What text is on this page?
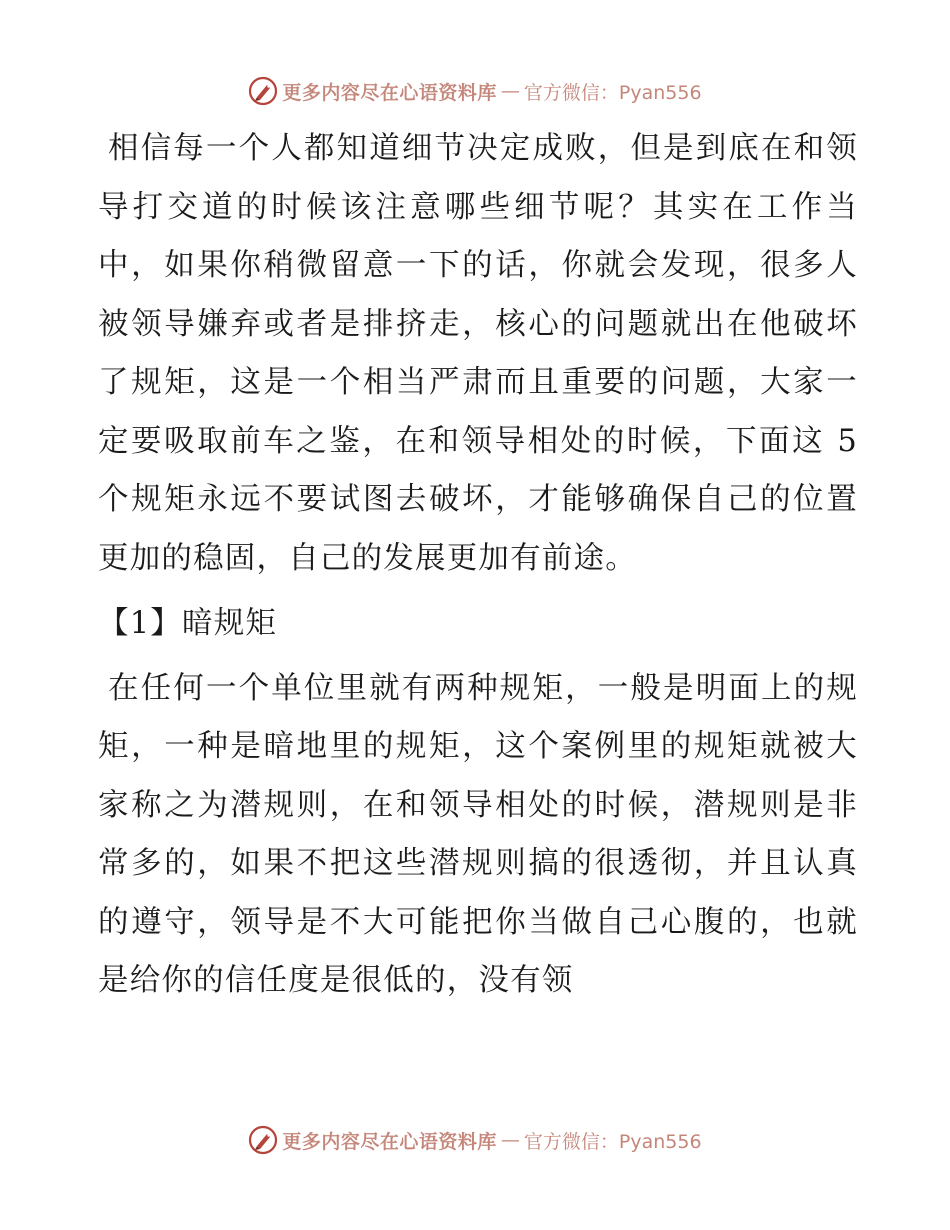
更多内容尽在心语资料库 — 官方微信：Pyan556

相信每一个人都知道细节决定成败，但是到底在和领导打交道的时候该注意哪些细节呢？其实在工作当中，如果你稍微留意一下的话，你就会发现，很多人被领导嫌弃或者是排挤走，核心的问题就出在他破坏了规矩，这是一个相当严肃而且重要的问题，大家一定要吸取前车之鉴，在和领导相处的时候，下面这 5 个规矩永远不要试图去破坏，才能够确保自己的位置更加的稳固，自己的发展更加有前途。

【1】暗规矩

在任何一个单位里就有两种规矩，一般是明面上的规矩，一种是暗地里的规矩，这个案例里的规矩就被大家称之为潜规则，在和领导相处的时候，潜规则是非常多的，如果不把这些潜规则搞的很透彻，并且认真的遵守，领导是不大可能把你当做自己心腹的，也就是给你的信任度是很低的，没有领

更多内容尽在心语资料库 — 官方微信：Pyan556
